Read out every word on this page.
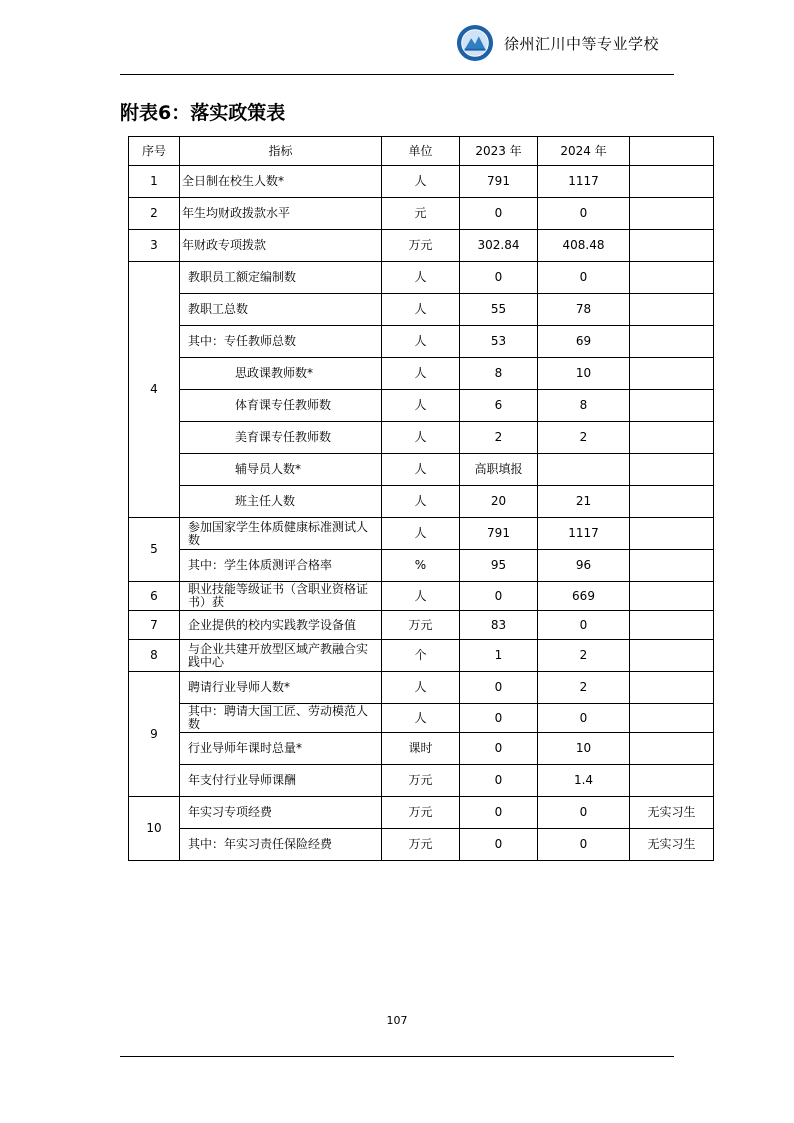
徐州汇川中等专业学校
附表6：落实政策表
序号	指标	单位	2023 年	2024 年	
1	全日制在校生人数*	人	791	1117	
2	年生均财政拨款水平	元	0	0	
3	年财政专项拨款	万元	302.84	408.48	
4	教职员工额定编制数	人	0	0	
	教职工总数	人	55	78	
	其中：专任教师总数	人	53	69	
	思政课教师数*	人	8	10	
	体育课专任教师数	人	6	8	
	美育课专任教师数	人	2	2	
	辅导员人数*	人	高职填报		
	班主任人数	人	20	21	
5	参加国家学生体质健康标准测试人数	人	791	1117	
	其中：学生体质测评合格率	%	95	96	
6	职业技能等级证书（含职业资格证书）获	人	0	669	
7	企业提供的校内实践教学设备值	万元	83	0	
8	与企业共建开放型区域产教融合实践中心	个	1	2	
9	聘请行业导师人数*	人	0	2	
	其中：聘请大国工匠、劳动模范人数	人	0	0	
	行业导师年课时总量*	课时	0	10	
	年支付行业导师课酬	万元	0	1.4	
10	年实习专项经费	万元	0	0	无实习生
	其中：年实习责任保险经费	万元	0	0	无实习生
107
